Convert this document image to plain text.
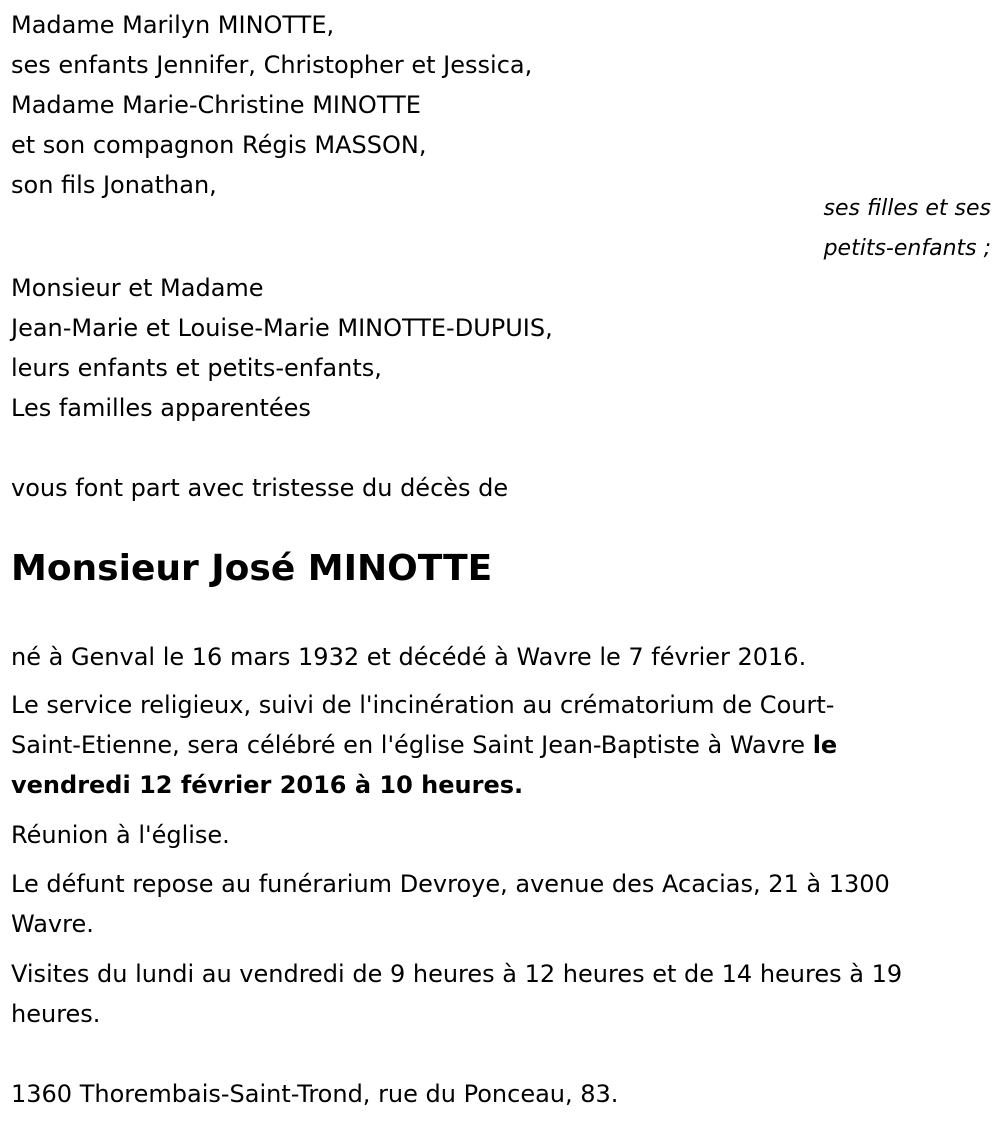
Madame Marilyn MINOTTE,
ses enfants Jennifer, Christopher et Jessica,
Madame Marie-Christine MINOTTE
et son compagnon Régis MASSON,
son fils Jonathan,
ses filles et ses
petits-enfants ;
Monsieur et Madame
Jean-Marie et Louise-Marie MINOTTE-DUPUIS,
leurs enfants et petits-enfants,
Les familles apparentées
vous font part avec tristesse du décès de
Monsieur José MINOTTE
né à Genval le 16 mars 1932 et décédé à Wavre le 7 février 2016.
Le service religieux, suivi de l'incinération au crématorium de Court-
Saint-Etienne, sera célébré en l'église Saint Jean-Baptiste à Wavre le
vendredi 12 février 2016 à 10 heures.
Réunion à l'église.
Le défunt repose au funérarium Devroye, avenue des Acacias, 21 à 1300
Wavre.
Visites du lundi au vendredi de 9 heures à 12 heures et de 14 heures à 19
heures.
1360 Thorembais-Saint-Trond, rue du Ponceau, 83.
